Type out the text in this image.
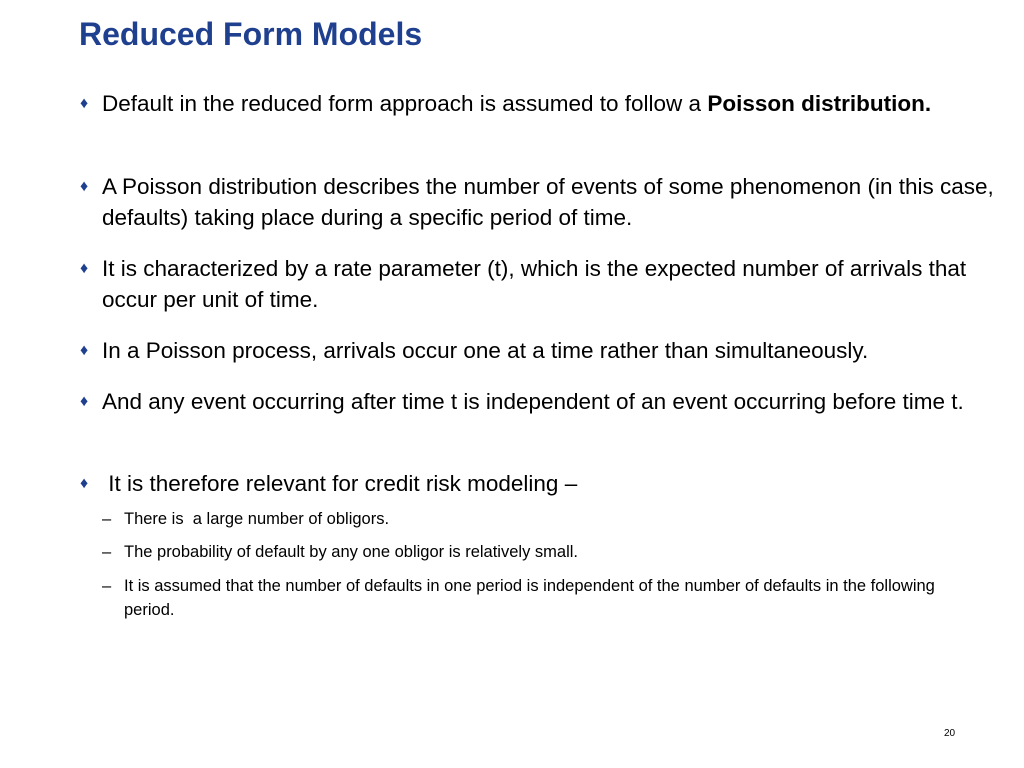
Reduced Form Models
♦ Default in the reduced form approach is assumed to follow a Poisson distribution.
♦ A Poisson distribution describes the number of events of some phenomenon (in this case, defaults) taking place during a specific period of time.
♦ It is characterized by a rate parameter (t), which is the expected number of arrivals that occur per unit of time.
♦ In a Poisson process, arrivals occur one at a time rather than simultaneously.
♦ And any event occurring after time t is independent of an event occurring before time t.
♦ It is therefore relevant for credit risk modeling –
– There is  a large number of obligors.
– The probability of default by any one obligor is relatively small.
– It is assumed that the number of defaults in one period is independent of the number of defaults in the following period.
20
